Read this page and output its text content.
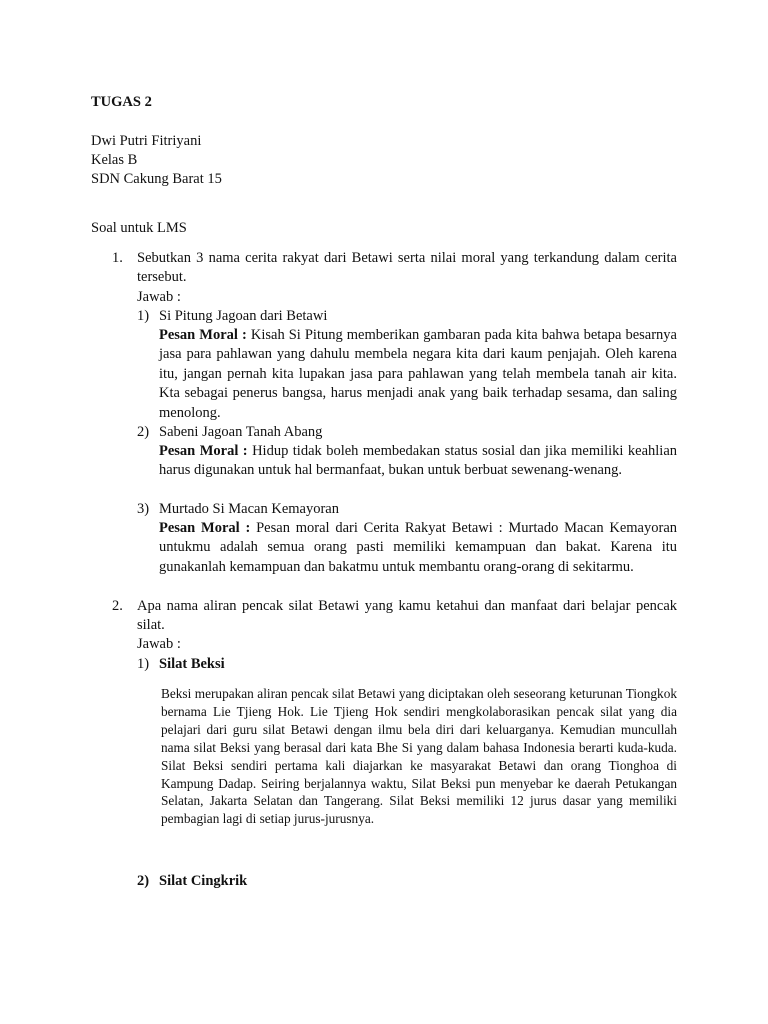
TUGAS 2
Dwi Putri Fitriyani
Kelas B
SDN Cakung Barat 15
Soal untuk LMS
1. Sebutkan 3 nama cerita rakyat dari Betawi serta nilai moral yang terkandung dalam cerita tersebut.
Jawab :
1) Si Pitung Jagoan dari Betawi
Pesan Moral : Kisah Si Pitung memberikan gambaran pada kita bahwa betapa besarnya jasa para pahlawan yang dahulu membela negara kita dari kaum penjajah. Oleh karena itu, jangan pernah kita lupakan jasa para pahlawan yang telah membela tanah air kita. Kta sebagai penerus bangsa, harus menjadi anak yang baik terhadap sesama, dan saling menolong.
2) Sabeni Jagoan Tanah Abang
Pesan Moral : Hidup tidak boleh membedakan status sosial dan jika memiliki keahlian harus digunakan untuk hal bermanfaat, bukan untuk berbuat sewenang-wenang.
3) Murtado Si Macan Kemayoran
Pesan Moral : Pesan moral dari Cerita Rakyat Betawi : Murtado Macan Kemayoran untukmu adalah semua orang pasti memiliki kemampuan dan bakat. Karena itu gunakanlah kemampuan dan bakatmu untuk membantu orang-orang di sekitarmu.
2. Apa nama aliran pencak silat Betawi yang kamu ketahui dan manfaat dari belajar pencak silat.
Jawab :
1) Silat Beksi
Beksi merupakan aliran pencak silat Betawi yang diciptakan oleh seseorang keturunan Tiongkok bernama Lie Tjieng Hok. Lie Tjieng Hok sendiri mengkolaborasikan pencak silat yang dia pelajari dari guru silat Betawi dengan ilmu bela diri dari keluarganya. Kemudian muncullah nama silat Beksi yang berasal dari kata Bhe Si yang dalam bahasa Indonesia berarti kuda-kuda. Silat Beksi sendiri pertama kali diajarkan ke masyarakat Betawi dan orang Tionghoa di Kampung Dadap. Seiring berjalannya waktu, Silat Beksi pun menyebar ke daerah Petukangan Selatan, Jakarta Selatan dan Tangerang. Silat Beksi memiliki 12 jurus dasar yang memiliki pembagian lagi di setiap jurus-jurusnya.
2) Silat Cingkrik
